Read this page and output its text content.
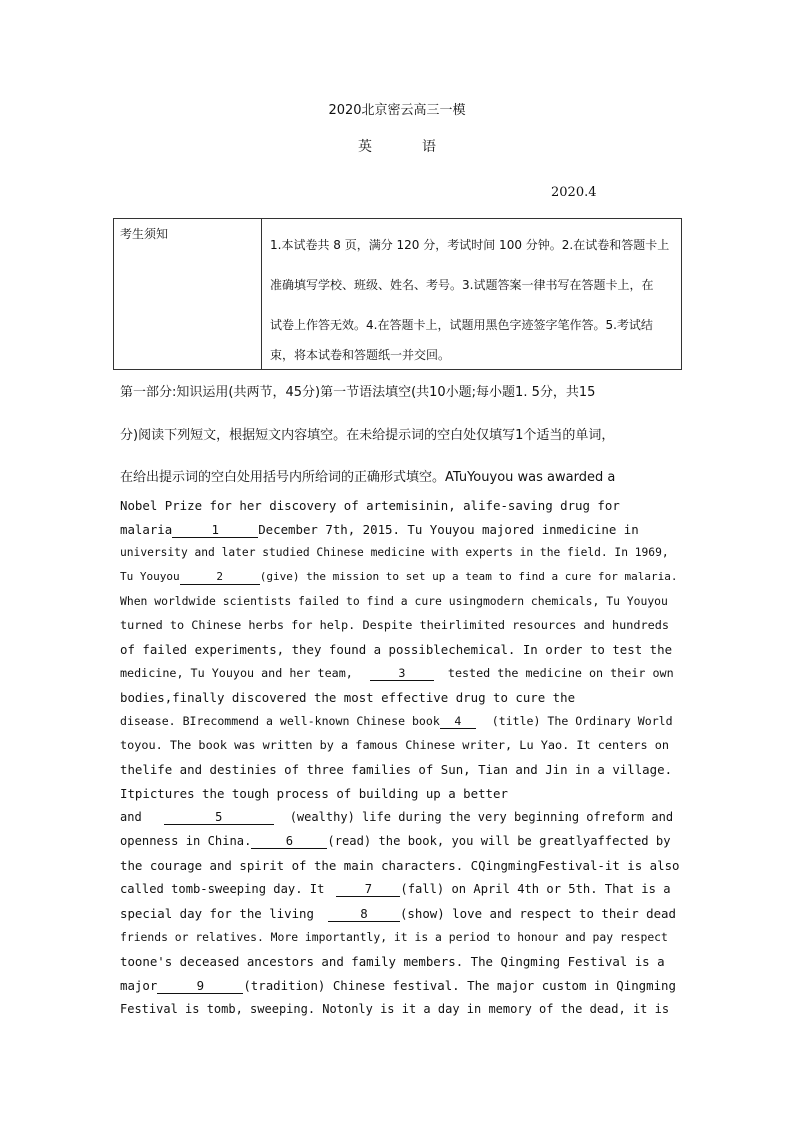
2020北京密云高三一模
英语
2020.4
考生须知	
1.本试卷共 8 页，满分 120 分，考试时间 100 分钟。2.在试卷和答题卡上
准确填写学校、班级、姓名、考号。3.试题答案一律书写在答题卡上，在
试卷上作答无效。4.在答题卡上，试题用黑色字迹签字笔作答。5.考试结
束，将本试卷和答题纸一并交回。
第一部分:知识运用(共两节，45分)第一节语法填空(共10小题;每小题1. 5分，共15
分)阅读下列短文，根据短文内容填空。在未给提示词的空白处仅填写1个适当的单词，
在给出提示词的空白处用括号内所给词的正确形式填空。ATuYouyou was awarded a
Nobel Prize for her discovery of artemisinin, alife-saving drug for
malaria	1	December 7th, 2015. Tu Youyou majored inmedicine in
university and later studied Chinese medicine with experts in the field. In 1969,
Tu Youyou	2	(give) the mission to set up a team to find a cure for malaria.
When worldwide scientists failed to find a cure usingmodern chemicals, Tu Youyou
turned to Chinese herbs for help. Despite theirlimited resources and hundreds
of failed experiments, they found a possiblechemical. In order to test the
medicine, Tu Youyou and her team,	3	tested the medicine on their own
bodies,finally discovered the most effective drug to cure the
disease. BIrecommend a well-known Chinese book 4	(title) The Ordinary World
toyou. The book was written by a famous Chinese writer, Lu Yao. It centers on
thelife and destinies of three families of Sun, Tian and Jin in a village.
Itpictures the tough process of building up a better
and	5	(wealthy) life during the very beginning ofreform and
openness in China.	6	(read) the book, you will be greatlyaffected by
the courage and spirit of the main characters. CQingmingFestival-it is also
called tomb-sweeping day. It	7 (fall) on April 4th or 5th. That is a
special day for the living	8	(show) love and respect to their dead
friends or relatives. More importantly, it is a period to honour and pay respect
toone's deceased ancestors and family members. The Qingming Festival is a
major	9	(tradition) Chinese festival. The major custom in Qingming
Festival is tomb, sweeping. Notonly is it a day in memory of the dead, it is
